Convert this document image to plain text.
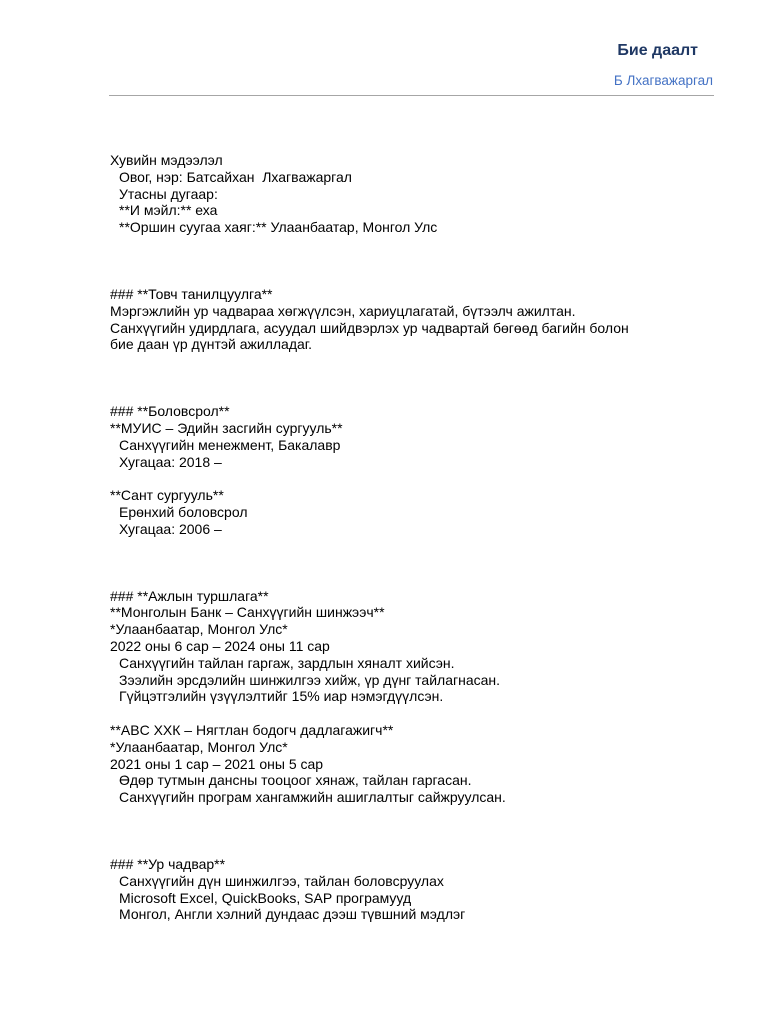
Бие даалт
Б Лхагважаргал
Хувийн мэдээлэл
Овог, нэр: Батсайхан  Лхагважаргал
Утасны дугаар:
**И мэйл:** еха
**Оршин суугаа хаяг:** Улаанбаатар, Монгол Улс
### **Товч танилцуулга**
Мэргэжлийн ур чадвараа хөгжүүлсэн, хариуцлагатай, бүтээлч ажилтан.
Санхүүгийн удирдлага, асуудал шийдвэрлэх ур чадвартай бөгөөд багийн болон
бие даан үр дүнтэй ажилладаг.
### **Боловсрол**
**МУИС – Эдийн засгийн сургууль**
Санхүүгийн менежмент, Бакалавр
Хугацаа: 2018 –
**Сант сургууль**
Ерөнхий боловсрол
Хугацаа: 2006 –
### **Ажлын туршлага**
**Монголын Банк – Санхүүгийн шинжээч**
*Улаанбаатар, Монгол Улс*
2022 оны 6 сар – 2024 оны 11 сар
Санхүүгийн тайлан гаргаж, зардлын хяналт хийсэн.
Зээлийн эрсдэлийн шинжилгээ хийж, үр дүнг тайлагнасан.
Гүйцэтгэлийн үзүүлэлтийг 15% иар нэмэгдүүлсэн.
**ABC ХХК – Нягтлан бодогч дадлагажигч**
*Улаанбаатар, Монгол Улс*
2021 оны 1 сар – 2021 оны 5 сар
Өдөр тутмын дансны тооцоог хянаж, тайлан гаргасан.
Санхүүгийн програм хангамжийн ашиглалтыг сайжруулсан.
### **Ур чадвар**
Санхүүгийн дүн шинжилгээ, тайлан боловсруулах
Microsoft Excel, QuickBooks, SAP програмууд
Монгол, Англи хэлний дундаас дээш түвшний мэдлэг
